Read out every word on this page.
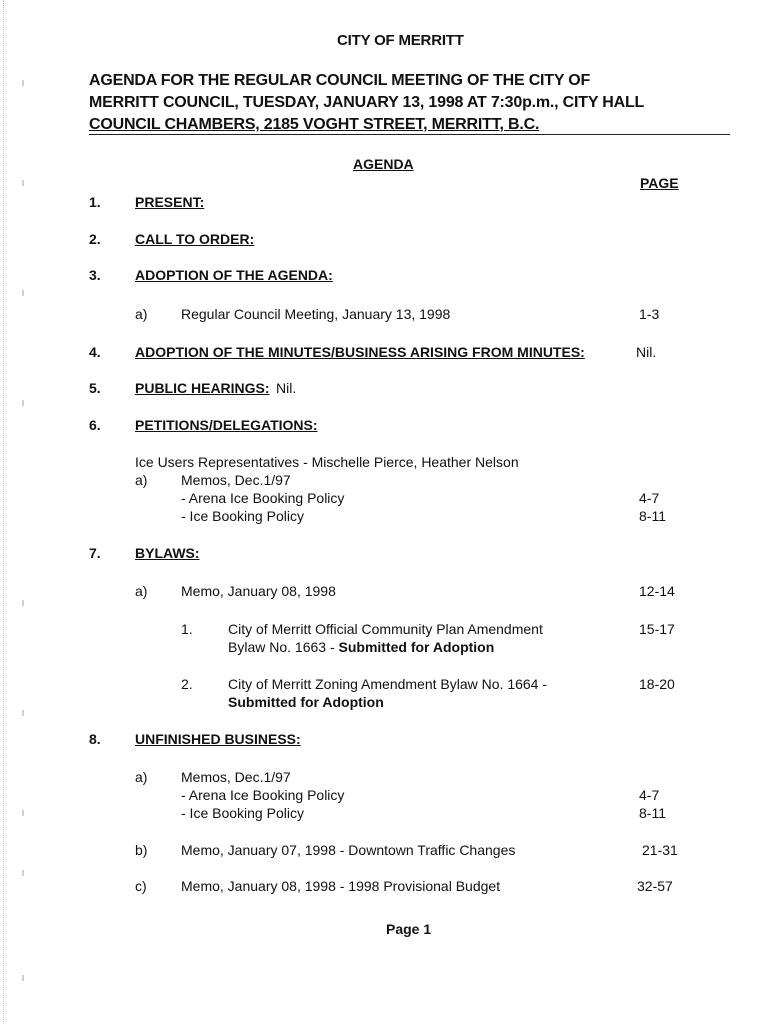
CITY OF MERRITT
AGENDA FOR THE REGULAR COUNCIL MEETING OF THE CITY OF
MERRITT COUNCIL, TUESDAY, JANUARY 13, 1998 AT 7:30p.m., CITY HALL
COUNCIL CHAMBERS, 2185 VOGHT STREET, MERRITT, B.C.
AGENDA
PAGE
1. PRESENT:
2. CALL TO ORDER:
3. ADOPTION OF THE AGENDA:
a) Regular Council Meeting, January 13, 1998	1-3
4. ADOPTION OF THE MINUTES/BUSINESS ARISING FROM MINUTES:	Nil.
5. PUBLIC HEARINGS: Nil.
6. PETITIONS/DELEGATIONS:
Ice Users Representatives - Mischelle Pierce, Heather Nelson
a) Memos, Dec.1/97
- Arena Ice Booking Policy	4-7
- Ice Booking Policy	8-11
7. BYLAWS:
a) Memo, January 08, 1998	12-14
1.	City of Merritt Official Community Plan Amendment	15-17
Bylaw No. 1663 - Submitted for Adoption
2.	City of Merritt Zoning Amendment Bylaw No. 1664 -	18-20
Submitted for Adoption
8. UNFINISHED BUSINESS:
a) Memos, Dec.1/97
- Arena Ice Booking Policy	4-7
- Ice Booking Policy	8-11
b) Memo, January 07, 1998 - Downtown Traffic Changes	21-31
c) Memo, January 08, 1998 - 1998 Provisional Budget	32-57
Page 1
